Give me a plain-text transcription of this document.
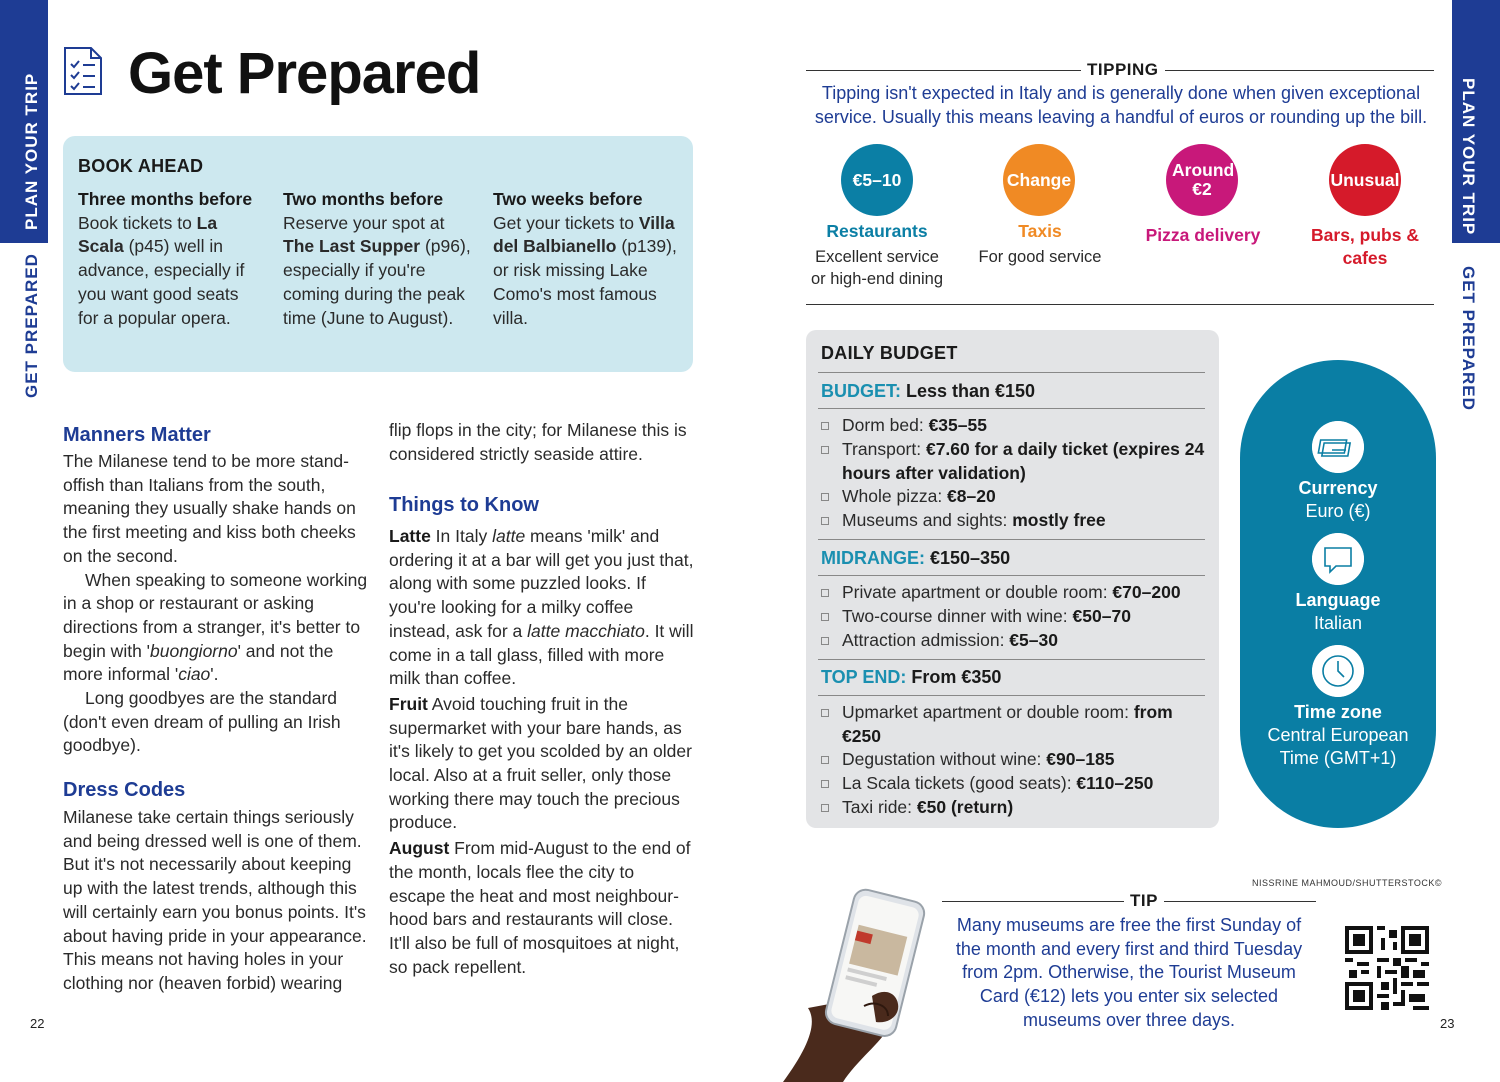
PLAN YOUR TRIP
GET PREPARED
PLAN YOUR TRIP
GET PREPARED
Get Prepared
BOOK AHEAD
Three months before
Book tickets to La Scala (p45) well in advance, especially if you want good seats for a popular opera.
Two months before
Reserve your spot at The Last Supper (p96), especially if you're coming during the peak time (June to August).
Two weeks before
Get your tickets to Villa del Balbianello (p139), or risk missing Lake Como's most famous villa.
Manners Matter
The Milanese tend to be more stand-offish than Italians from the south, meaning they usually shake hands on the first meeting and kiss both cheeks on the second.
When speaking to someone working in a shop or restaurant or asking directions from a stranger, it's better to begin with 'buongiorno' and not the more informal 'ciao'.
Long goodbyes are the standard (don't even dream of pulling an Irish goodbye).
Dress Codes
Milanese take certain things seriously and being dressed well is one of them. But it's not necessarily about keeping up with the latest trends, although this will certainly earn you bonus points. It's about having pride in your appearance. This means not having holes in your clothing nor (heaven forbid) wearing
flip flops in the city; for Milanese this is considered strictly seaside attire.
Things to Know
Latte In Italy latte means 'milk' and ordering it at a bar will get you just that, along with some puzzled looks. If you're looking for a milky coffee instead, ask for a latte macchiato. It will come in a tall glass, filled with more milk than coffee.
Fruit Avoid touching fruit in the supermarket with your bare hands, as it's likely to get you scolded by an older local. Also at a fruit seller, only those working there may touch the precious produce.
August From mid-August to the end of the month, locals flee the city to escape the heat and most neighbour-hood bars and restaurants will close. It'll also be full of mosquitoes at night, so pack repellent.
22
TIPPING
Tipping isn't expected in Italy and is generally done when given exceptional service. Usually this means leaving a handful of euros or rounding up the bill.
€5–10	Change	Around €2	Unusual
Restaurants	Taxis	Pizza delivery	Bars, pubs & cafes
Excellent service or high-end dining
For good service
DAILY BUDGET
BUDGET: Less than €150
Dorm bed: €35–55
Transport: €7.60 for a daily ticket (expires 24 hours after validation)
Whole pizza: €8–20
Museums and sights: mostly free
MIDRANGE: €150–350
Private apartment or double room: €70–200
Two-course dinner with wine: €50–70
Attraction admission: €5–30
TOP END: From €350
Upmarket apartment or double room: from €250
Degustation without wine: €90–185
La Scala tickets (good seats): €110–250
Taxi ride: €50 (return)
Currency
Euro (€)
Language
Italian
Time zone
Central European Time (GMT+1)
NISSRINE MAHMOUD/SHUTTERSTOCK©
TIP
Many museums are free the first Sunday of the month and every first and third Tuesday from 2pm. Otherwise, the Tourist Museum Card (€12) lets you enter six selected museums over three days.	23
